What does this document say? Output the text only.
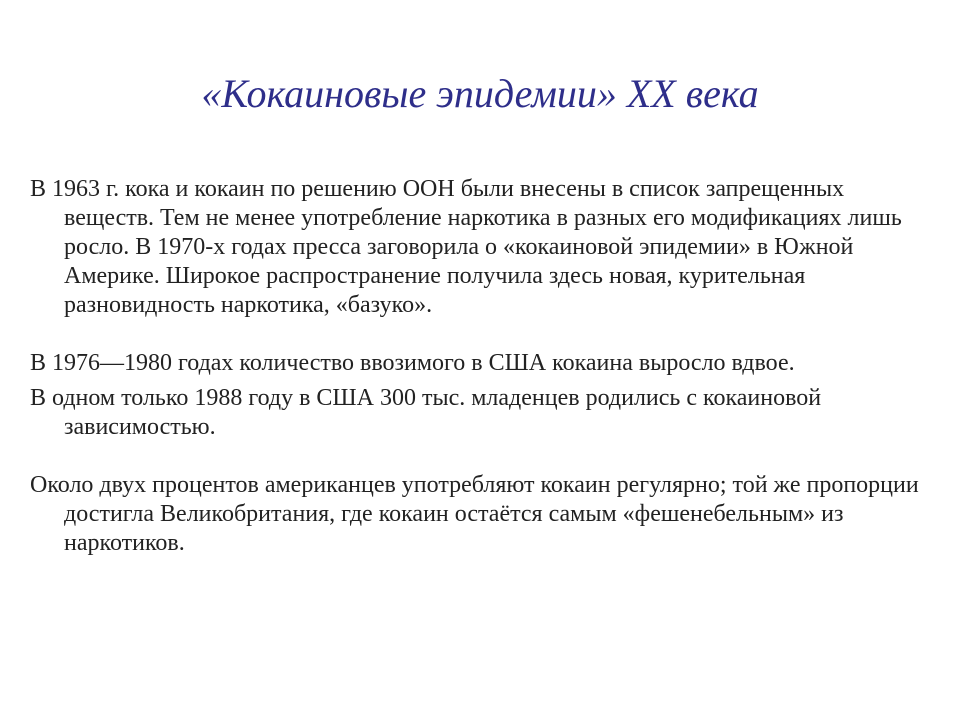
«Кокаиновые эпидемии» XX века

В 1963 г. кока и кокаин по решению ООН были внесены в список запрещенных веществ. Тем не менее употребление наркотика в разных его модификациях лишь росло. В 1970-х годах пресса заговорила о «кокаиновой эпидемии» в Южной Америке. Широкое распространение получила здесь новая, курительная разновидность наркотика, «базуко».

В 1976—1980 годах количество ввозимого в США кокаина выросло вдвое.

В одном только 1988 году в США 300 тыс. младенцев родились с кокаиновой зависимостью.

Около двух процентов американцев употребляют кокаин регулярно; той же пропорции достигла Великобритания, где кокаин остаётся самым «фешенебельным» из наркотиков.
